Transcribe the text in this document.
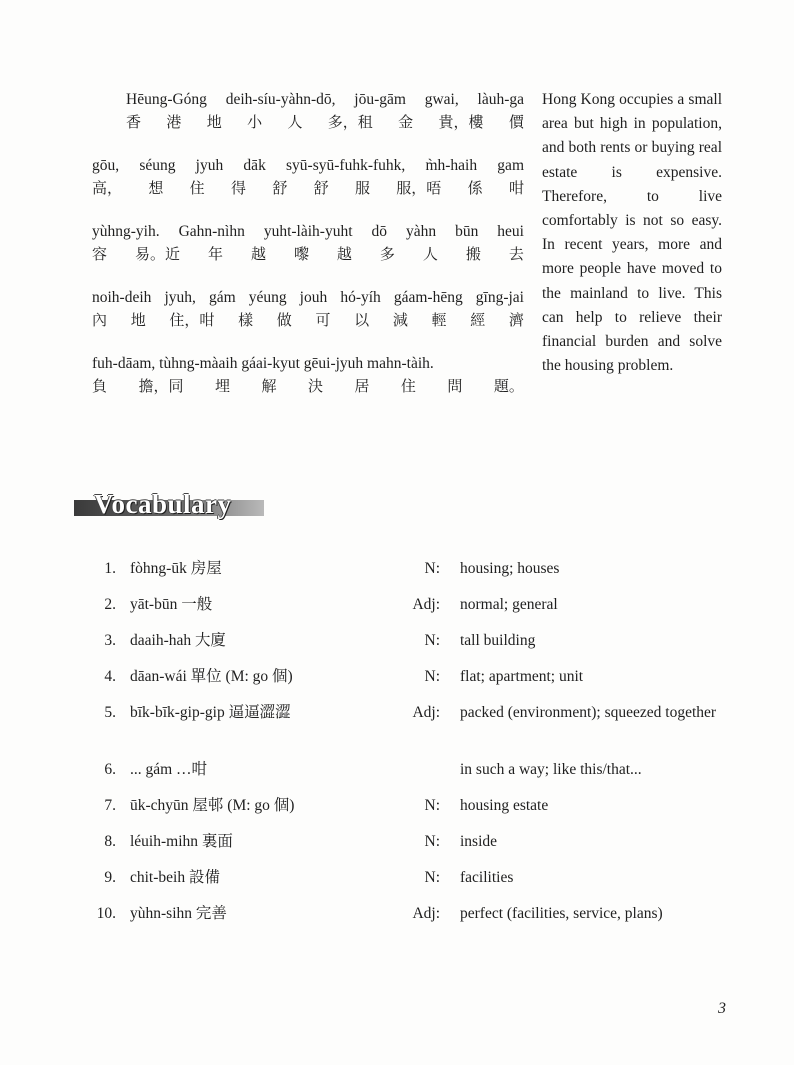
Hēung-Góng deih-síu-yàhn-dō, jōu-gām gwai, làuh-ga
香 港 地 小 人 多，租 金 貴，樓 價
gōu, séung jyuh dāk syū-syū-fuhk-fuhk, m̀h-haih gam
高， 想 住 得 舒 舒 服 服，唔 係 咁
yùhng-yih. Gahn-nìhn yuht-làih-yuht dō yàhn būn heui
容 易。近 年 越 嚟 越 多 人 搬 去
noih-deih jyuh, gám yéung jouh hó-yíh gáam-hēng gīng-jai
內 地 住，咁 樣 做 可 以 減 輕 經 濟
fuh-dāam, tùhng-màaih gáai-kyut gēui-jyuh mahn-tàih.
負 擔，同 埋 解 決 居 住 問 題。
Hong Kong occupies a small area but high in population, and both rents or buying real estate is expensive. Therefore, to live comfortably is not so easy. In recent years, more and more people have moved to the mainland to live. This can help to relieve their financial burden and solve the housing problem.
Vocabulary
1. fòhng-ūk 房屋	N: housing; houses
2. yāt-būn 一般	Adj: normal; general
3. daaih-hah 大廈	N: tall building
4. dāan-wái 單位 (M: go 個)	N: flat; apartment; unit
5. bīk-bīk-gip-gip 逼逼澀澀	Adj: packed (environment); squeezed together
6. ... gám …咁	in such a way; like this/that...
7. ūk-chyūn 屋邨 (M: go 個)	N: housing estate
8. léuih-mihn 裏面	N: inside
9. chit-beih 設備	N: facilities
10. yùhn-sihn 完善	Adj: perfect (facilities, service, plans)
3
